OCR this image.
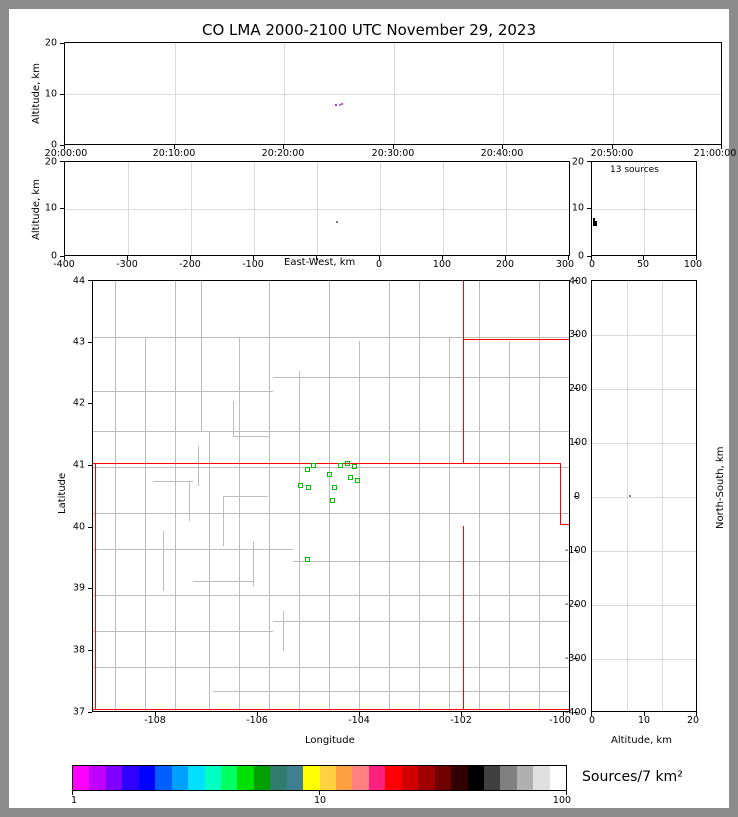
CO LMA 2000-2100 UTC November 29, 2023
20:00:00	20:10:00	20:20:00	20:30:00	20:40:00	20:50:00	21:00:00
0
10
20
Altitude, km
-400	-300	-200	-100	0	100	200	300
East-West, km
0
10
20
Altitude, km
13 sources
0	50	100
0
10
20
-108	-106	-104	-102	-100
Longitude
37
38
39
40
41
42
43
44
Latitude
0	10	20
Altitude, km
-400
-300
-200
-100
0
100
200
300
400
North-South, km
1	10	100
Sources/7 km²
